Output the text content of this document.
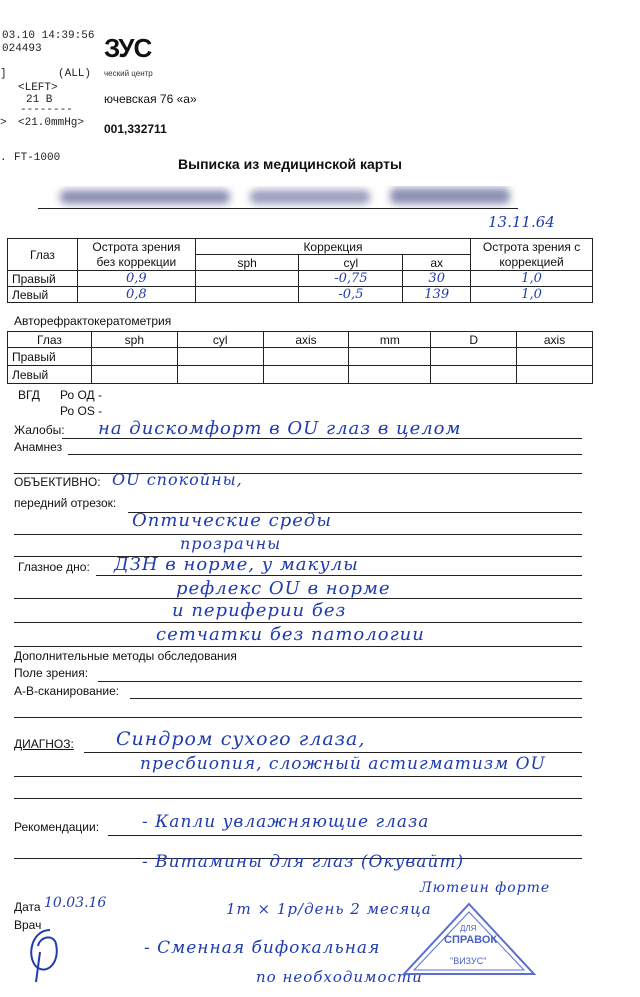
03.10 14:39:56
024493
]	(ALL)
<LEFT>
21 B
--------
> <21.0mmHg>
. FT-1000
ЗУС
ческий центр
ючевская 76 «а»
001,332711
Выписка из медицинской карты
13.11.64
Глаз	Острота зрения без коррекции	Коррекция			Острота зрения с коррекцией
		sph	cyl	ax	
Правый	0,9		-0,75	30	1,0
Левый	0,8		-0,5	139	1,0
Авторефрактокератометрия
Глаз	sph	cyl	axis	mm	D	axis
Правый						
Левый						
ВГД Ро ОД -
Ро OS -
Жалобы: на дискомфорт в OU глаз в целом
Анамнез
ОБЪЕКТИВНО: OU спокойны,
передний отрезок:
Оптические среды
прозрачны
Глазное дно: ДЗН в норме, у макулы
рефлекс OU в норме
и периферии без
сетчатки без патологии
Дополнительные методы обследования
Поле зрения:
А-В-сканирование:
ДИАГНОЗ: Синдром сухого глаза,
пресбиопия, сложный астигматизм OU
Рекомендации:	- Капли увлажняющие глаза
- Витамины для глаз (Окувайт)
Лютеин форте
Дата 10.03.16
Врач
1т × 1р/день 2 месяца
- Сменная бифокальная
по необходимости
ДЛЯ
СПРАВОК
"ВИЗУС"
